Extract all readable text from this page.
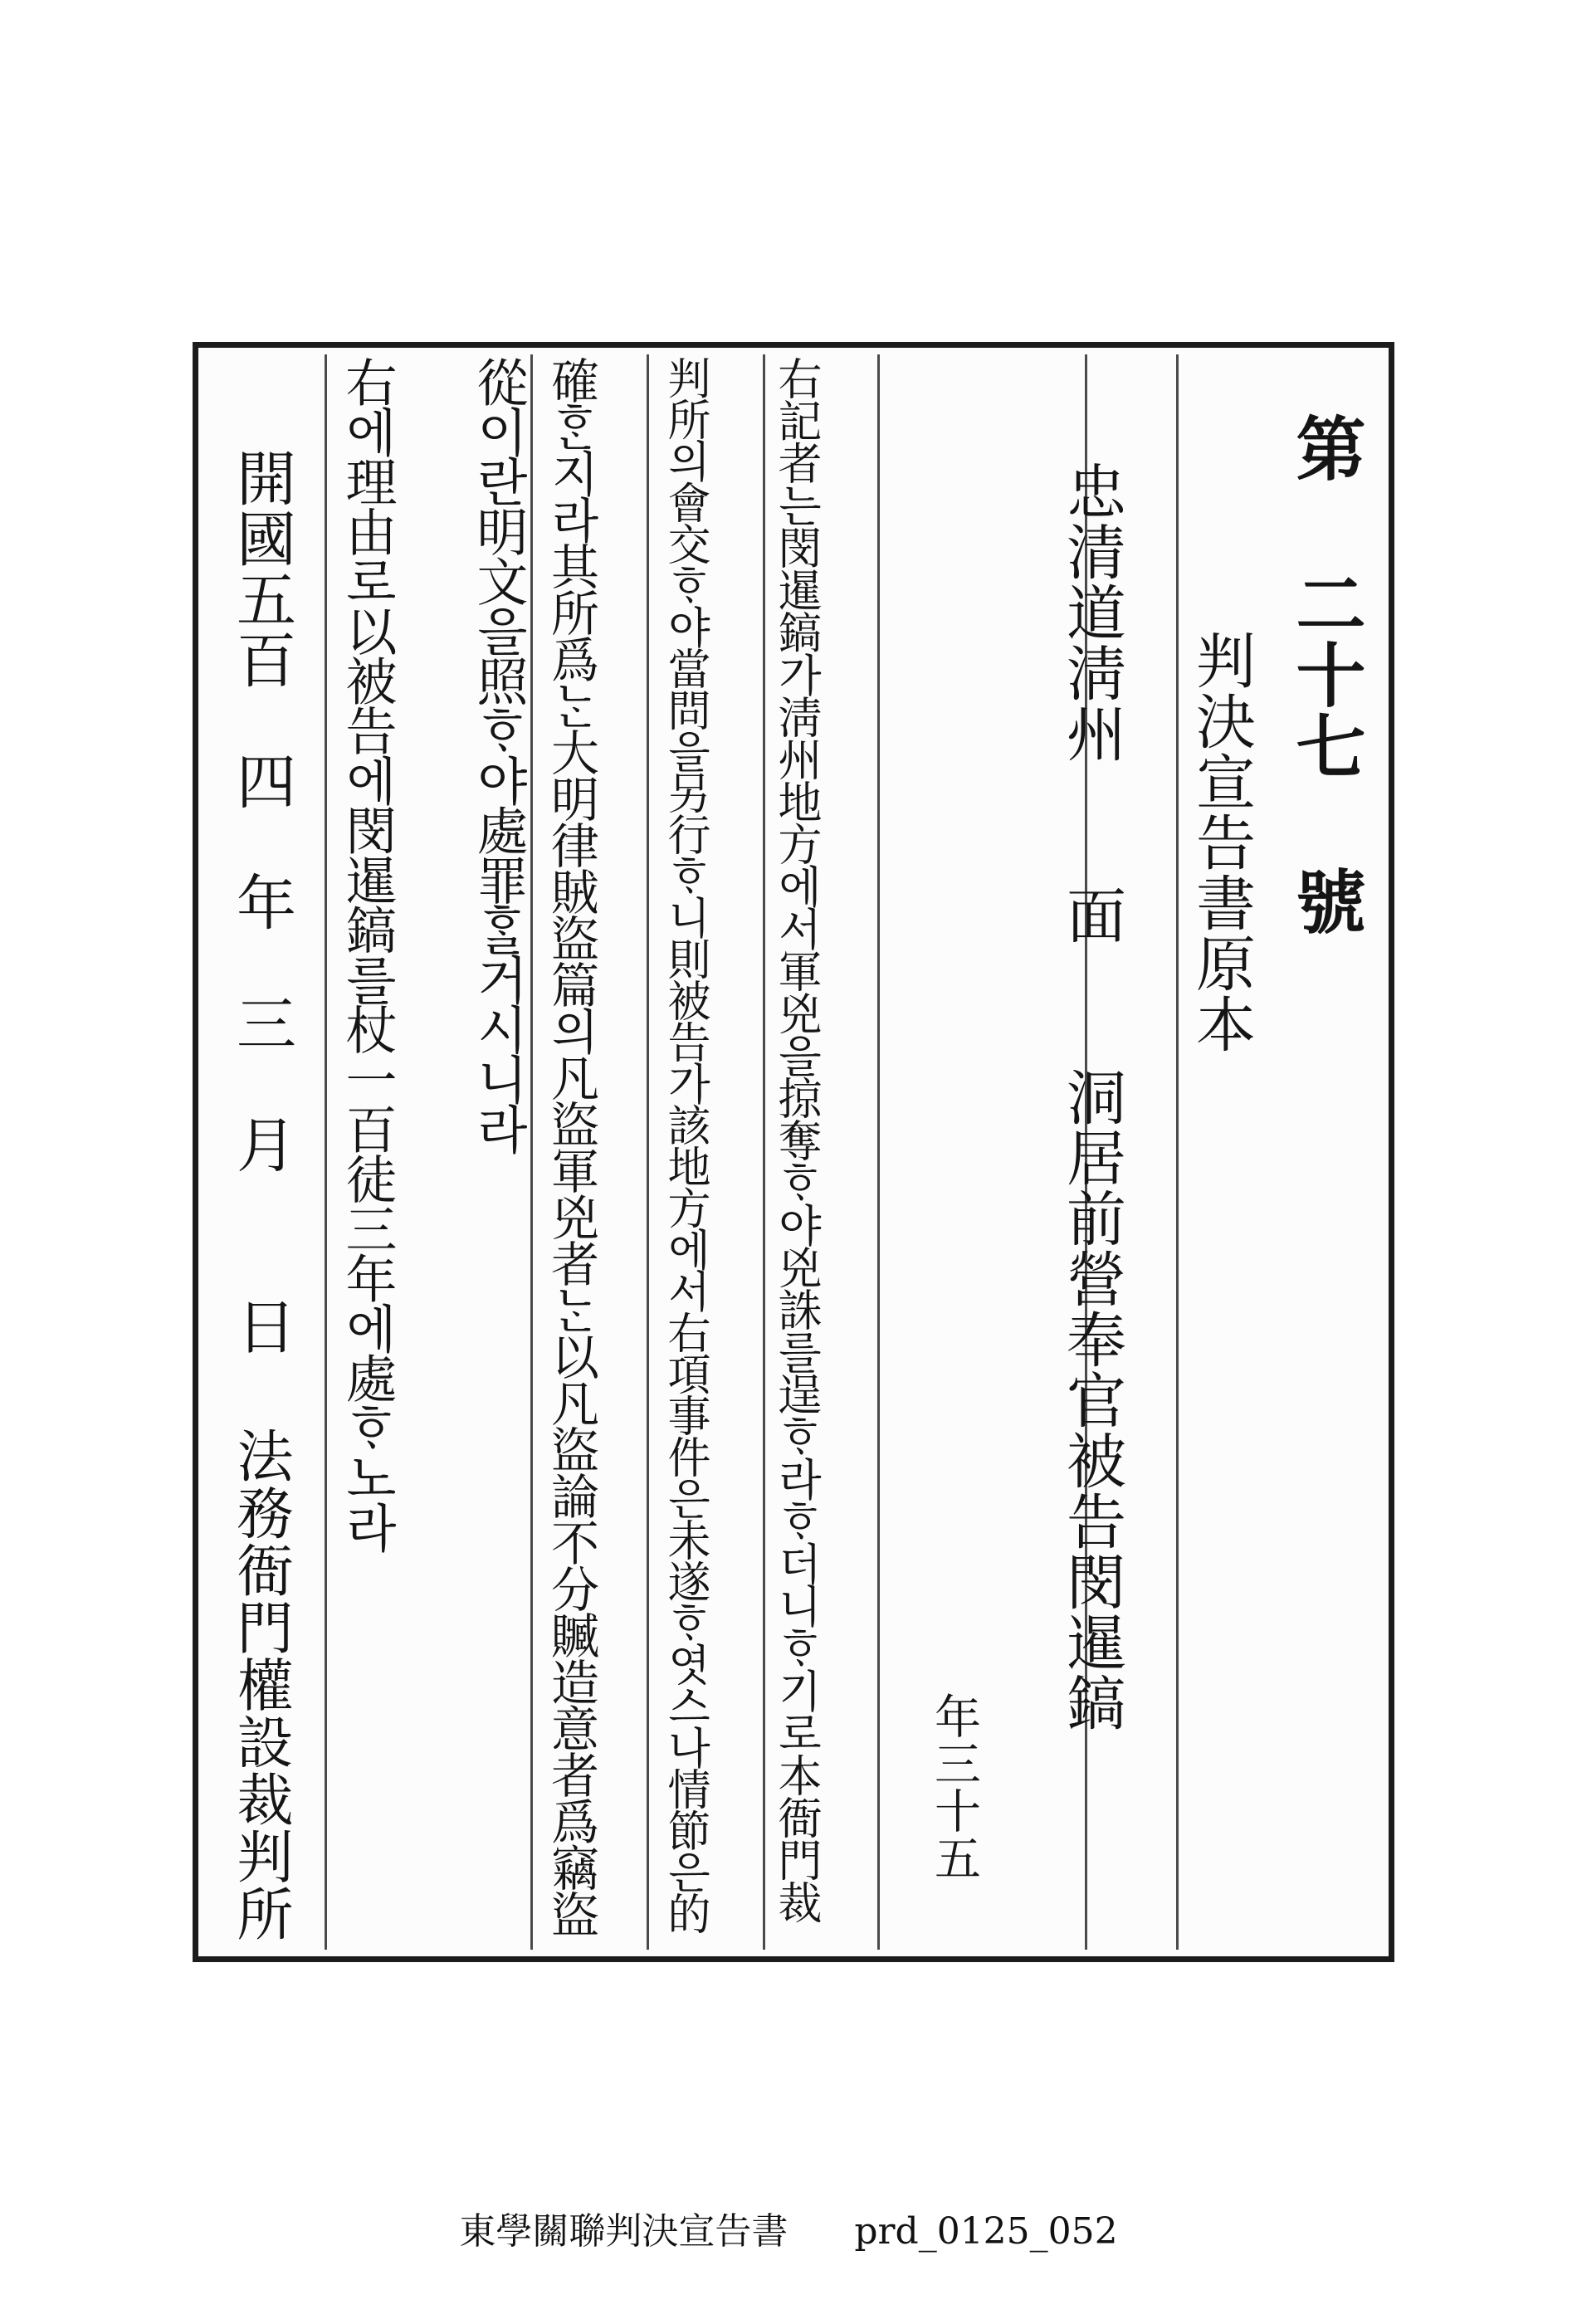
第 二十七 號
判決宣告書原本
忠清道淸州　　面　　洞居前營奉官被告閔暹鎬
年三十五
右記者는閔暹鎬가淸州地方에서軍兇을掠奪ᄒᆞ야兇誅를逞ᄒᆞ라ᄒᆞ더니ᄒᆞ기로本衙門裁
判所의會交ᄒᆞ야當問을另行ᄒᆞ니則被告가該地方에서右項事件은未遂ᄒᆞ엿스나情節은的
確ᄒᆞᆫ지라其所爲ᄂᆞᆫ大明律賊盜篇의凡盜軍兇者ᄂᆞᆫ以凡盜論不分贓造意者爲竊盜
從이란明文을照ᄒᆞ야處罪ᄒᆞᆯ거시니라
右에理由로以被告에閔暹鎬를杖一百徒三年에處ᄒᆞ노라
開國五百　四　年　三　月　　日
法務衙門權設裁判所
東學關聯判決宣告書 prd_0125_052
